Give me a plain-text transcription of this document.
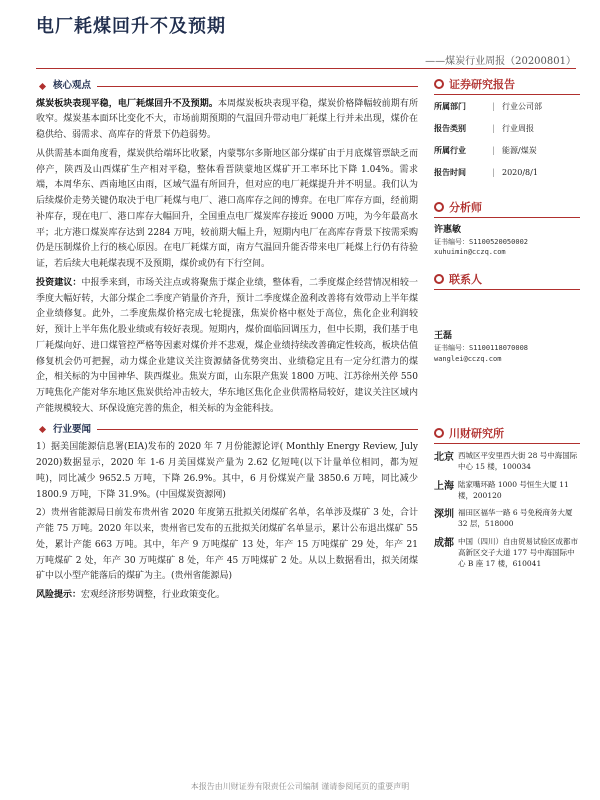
电厂耗煤回升不及预期
——煤炭行业周报（20200801）
核心观点

煤炭板块表现平稳，电厂耗煤回升不及预期。本周煤炭板块表现平稳，煤炭价格降幅较前期有所收窄。煤炭基本面环比变化不大，市场前期预期的气温回升带动电厂耗煤上行并未出现，煤价在稳供给、弱需求、高库存的背景下仍趋弱势。

从供需基本面角度看，煤炭供给端环比收紧，内蒙鄂尔多斯地区部分煤矿由于月底煤管票缺乏而停产，陕西及山西煤矿生产相对平稳，整体看晋陕蒙地区煤矿开工率环比下降 1.04%。需求端，本周华东、西南地区由雨，区域气温有所回升，但对应的电厂耗煤提升并不明显。我们认为后续煤价走势关键仍取决于电厂耗煤与电厂、港口高库存之间的博弈。在电厂库存方面，经前期补库存，现在电厂、港口库存大幅回升，全国重点电厂煤炭库存接近 9000 万吨，为今年最高水平；北方港口煤炭库存达到 2284 万吨，较前期大幅上升，短期内电厂在高库存背景下按需采购仍是压制煤价上行的核心原因。在电厂耗煤方面，南方气温回升能否带来电厂耗煤上行仍有待验证，若后续大电耗煤表现不及预期，煤价或仍有下行空间。

投资建议：中报季来到，市场关注点或将聚焦于煤企业绩，整体看，二季度煤企经营情况相较一季度大幅好转，大部分煤企二季度产销量价齐升，预计二季度煤企盈利改善将有效带动上半年煤企业绩修复。此外，二季度焦煤价格完成七轮提涨，焦炭价格中枢处于高位，焦化企业利润较好，预计上半年焦化股业绩或有较好表现。短期内，煤价面临回调压力，但中长期，我们基于电厂耗煤向好、进口煤管控严格等因素对煤价并不悲观，煤企业绩持续改善确定性较高，板块估值修复机会仍可把握，动力煤企业建议关注资源储备优势突出、业绩稳定且有一定分红潜力的煤企，相关标的为中国神华、陕西煤业。焦炭方面，山东限产焦炭 1800 万吨、江苏徐州关停 550 万吨焦化产能对华东地区焦炭供给冲击较大，华东地区焦化企业供需格局较好，建议关注区域内产能规模较大、环保设施完善的焦企，相关标的为金能科技。

行业要闻

1）据美国能源信息署(EIA)发布的 2020 年 7 月份能源论评( Monthly Energy Review, July 2020)数据显示，2020 年 1-6 月美国煤炭产量为 2.62 亿短吨(以下计量单位相同，都为短吨)，同比减少 9652.5 万吨，下降 26.9%。其中，6 月份煤炭产量 3850.6 万吨，同比减少 1800.9 万吨，下降 31.9%。(中国煤炭资源网)

2）贵州省能源局日前发布贵州省 2020 年度第五批拟关闭煤矿名单，名单涉及煤矿 3 处，合计产能 75 万吨。2020 年以来，贵州省已发布的五批拟关闭煤矿名单显示，累计公布退出煤矿 55 处，累计产能 663 万吨。其中，年产 9 万吨煤矿 13 处，年产 15 万吨煤矿 29 处，年产 21 万吨煤矿 2 处，年产 30 万吨煤矿 8 处，年产 45 万吨煤矿 2 处。从以上数据看出，拟关闭煤矿中以小型产能落后的煤矿为主。(贵州省能源局)

风险提示：宏观经济形势调整，行业政策变化。

证券研究报告
所属部门	| 行业公司部
报告类别	| 行业周报
所属行业	| 能源/煤炭
报告时间	| 2020/8/1
分析师
许惠敏
证书编号：S1100520050002
xuhuimin@cczq.com
联系人
王磊
证书编号：S1100118070008
wanglei@cczq.com
川财研究所
北京 西城区平安里西大街 28 号中海国际中心 15 楼，100034
上海 陆家嘴环路 1000 号恒生大厦 11 楼，200120
深圳 福田区福华一路 6 号免税商务大厦 32 层，518000
成都 中国（四川）自由贸易试验区成都市高新区交子大道 177 号中海国际中心 B 座 17 楼，610041
本报告由川财证券有限责任公司编制 谨请参阅尾页的重要声明
